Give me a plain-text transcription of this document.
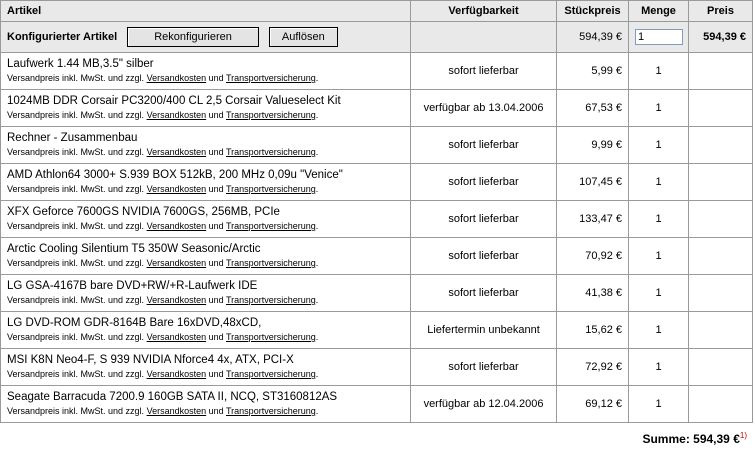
Artikel	Verfügbarkeit	Stückpreis	Menge	Preis

Konfigurierter Artikel Rekonfigurieren Auflösen		594,39 €	1	594,39 €

Laufwerk 1.44 MB,3.5" silber
Versandpreis inkl. MwSt. und zzgl. Versandkosten und Transportversicherung.	sofort lieferbar	5,99 €	1	

1024MB DDR Corsair PC3200/400 CL 2,5 Corsair Valueselect Kit
Versandpreis inkl. MwSt. und zzgl. Versandkosten und Transportversicherung.	verfügbar ab 13.04.2006	67,53 €	1	

Rechner - Zusammenbau
Versandpreis inkl. MwSt. und zzgl. Versandkosten und Transportversicherung.	sofort lieferbar	9,99 €	1	

AMD Athlon64 3000+ S.939 BOX 512kB, 200 MHz 0,09u "Venice"
Versandpreis inkl. MwSt. und zzgl. Versandkosten und Transportversicherung.	sofort lieferbar	107,45 €	1	

XFX Geforce 7600GS NVIDIA 7600GS, 256MB, PCIe
Versandpreis inkl. MwSt. und zzgl. Versandkosten und Transportversicherung.	sofort lieferbar	133,47 €	1	

Arctic Cooling Silentium T5 350W Seasonic/Arctic
Versandpreis inkl. MwSt. und zzgl. Versandkosten und Transportversicherung.	sofort lieferbar	70,92 €	1	

LG GSA-4167B bare DVD+RW/+R-Laufwerk IDE
Versandpreis inkl. MwSt. und zzgl. Versandkosten und Transportversicherung.	sofort lieferbar	41,38 €	1	

LG DVD-ROM GDR-8164B Bare 16xDVD,48xCD,
Versandpreis inkl. MwSt. und zzgl. Versandkosten und Transportversicherung.	Liefertermin unbekannt	15,62 €	1	

MSI K8N Neo4-F, S 939 NVIDIA Nforce4 4x, ATX, PCI-X
Versandpreis inkl. MwSt. und zzgl. Versandkosten und Transportversicherung.	sofort lieferbar	72,92 €	1	

Seagate Barracuda 7200.9 160GB SATA II, NCQ, ST3160812AS
Versandpreis inkl. MwSt. und zzgl. Versandkosten und Transportversicherung.	verfügbar ab 12.04.2006	69,12 €	1	
Summe: 594,39 €$^{1)}$
